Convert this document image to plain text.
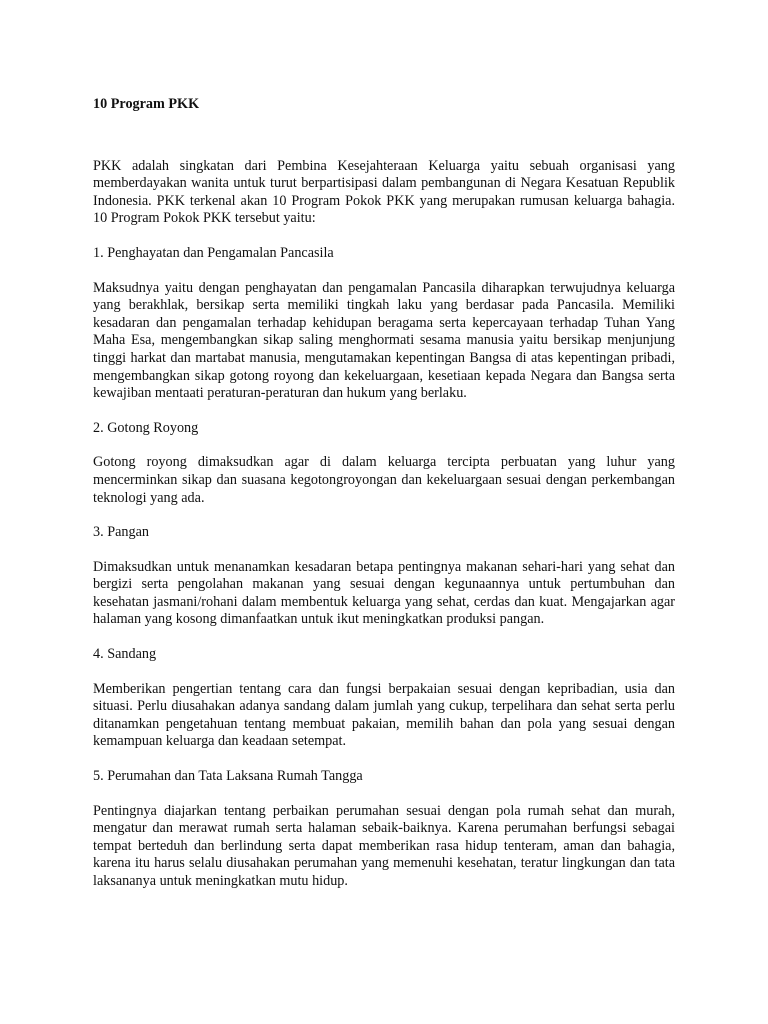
10 Program PKK

PKK adalah singkatan dari Pembina Kesejahteraan Keluarga yaitu sebuah organisasi yang memberdayakan wanita untuk turut berpartisipasi dalam pembangunan di Negara Kesatuan Republik Indonesia. PKK terkenal akan 10 Program Pokok PKK yang merupakan rumusan keluarga bahagia. 10 Program Pokok PKK tersebut yaitu:

1. Penghayatan dan Pengamalan Pancasila

Maksudnya yaitu dengan penghayatan dan pengamalan Pancasila diharapkan terwujudnya keluarga yang berakhlak, bersikap serta memiliki tingkah laku yang berdasar pada Pancasila. Memiliki kesadaran dan pengamalan terhadap kehidupan beragama serta kepercayaan terhadap Tuhan Yang Maha Esa, mengembangkan sikap saling menghormati sesama manusia yaitu bersikap menjunjung tinggi harkat dan martabat manusia, mengutamakan kepentingan Bangsa di atas kepentingan pribadi, mengembangkan sikap gotong royong dan kekeluargaan, kesetiaan kepada Negara dan Bangsa serta kewajiban mentaati peraturan-peraturan dan hukum yang berlaku.

2. Gotong Royong

Gotong royong dimaksudkan agar di dalam keluarga tercipta perbuatan yang luhur yang mencerminkan sikap dan suasana kegotongroyongan dan kekeluargaan sesuai dengan perkembangan teknologi yang ada.

3. Pangan

Dimaksudkan untuk menanamkan kesadaran betapa pentingnya makanan sehari-hari yang sehat dan bergizi serta pengolahan makanan yang sesuai dengan kegunaannya untuk pertumbuhan dan kesehatan jasmani/rohani dalam membentuk keluarga yang sehat, cerdas dan kuat. Mengajarkan agar halaman yang kosong dimanfaatkan untuk ikut meningkatkan produksi pangan.

4. Sandang

Memberikan pengertian tentang cara dan fungsi berpakaian sesuai dengan kepribadian, usia dan situasi. Perlu diusahakan adanya sandang dalam jumlah yang cukup, terpelihara dan sehat serta perlu ditanamkan pengetahuan tentang membuat pakaian, memilih bahan dan pola yang sesuai dengan kemampuan keluarga dan keadaan setempat.

5. Perumahan dan Tata Laksana Rumah Tangga

Pentingnya diajarkan tentang perbaikan perumahan sesuai dengan pola rumah sehat dan murah, mengatur dan merawat rumah serta halaman sebaik-baiknya. Karena perumahan berfungsi sebagai tempat berteduh dan berlindung serta dapat memberikan rasa hidup tenteram, aman dan bahagia, karena itu harus selalu diusahakan perumahan yang memenuhi kesehatan, teratur lingkungan dan tata laksananya untuk meningkatkan mutu hidup.
